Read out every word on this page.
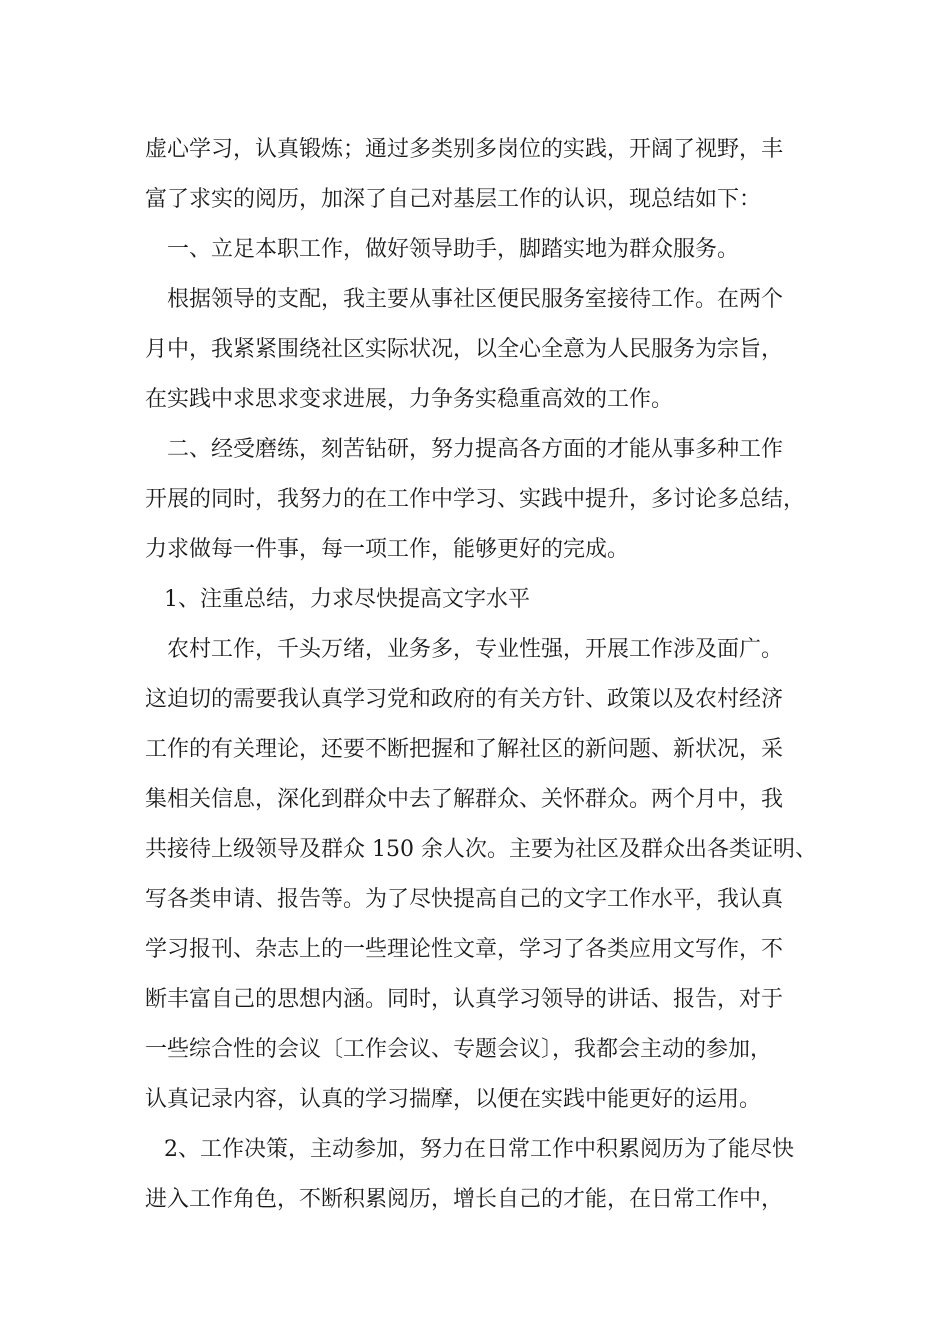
虚心学习，认真锻炼；通过多类别多岗位的实践，开阔了视野，丰
富了求实的阅历，加深了自己对基层工作的认识，现总结如下：
一、立足本职工作，做好领导助手，脚踏实地为群众服务。
根据领导的支配，我主要从事社区便民服务室接待工作。在两个
月中，我紧紧围绕社区实际状况，以全心全意为人民服务为宗旨，
在实践中求思求变求进展，力争务实稳重高效的工作。
二、经受磨练，刻苦钻研，努力提高各方面的才能从事多种工作
开展的同时，我努力的在工作中学习、实践中提升，多讨论多总结，
力求做每一件事，每一项工作，能够更好的完成。
1、注重总结，力求尽快提高文字水平
农村工作，千头万绪，业务多，专业性强，开展工作涉及面广。
这迫切的需要我认真学习党和政府的有关方针、政策以及农村经济
工作的有关理论，还要不断把握和了解社区的新问题、新状况，采
集相关信息，深化到群众中去了解群众、关怀群众。两个月中，我
共接待上级领导及群众 150 余人次。主要为社区及群众出各类证明、
写各类申请、报告等。为了尽快提高自己的文字工作水平，我认真
学习报刊、杂志上的一些理论性文章，学习了各类应用文写作，不
断丰富自己的思想内涵。同时，认真学习领导的讲话、报告，对于
一些综合性的会议〔工作会议、专题会议〕，我都会主动的参加，
认真记录内容，认真的学习揣摩，以便在实践中能更好的运用。
2、工作决策，主动参加，努力在日常工作中积累阅历为了能尽快
进入工作角色，不断积累阅历，增长自己的才能，在日常工作中，
